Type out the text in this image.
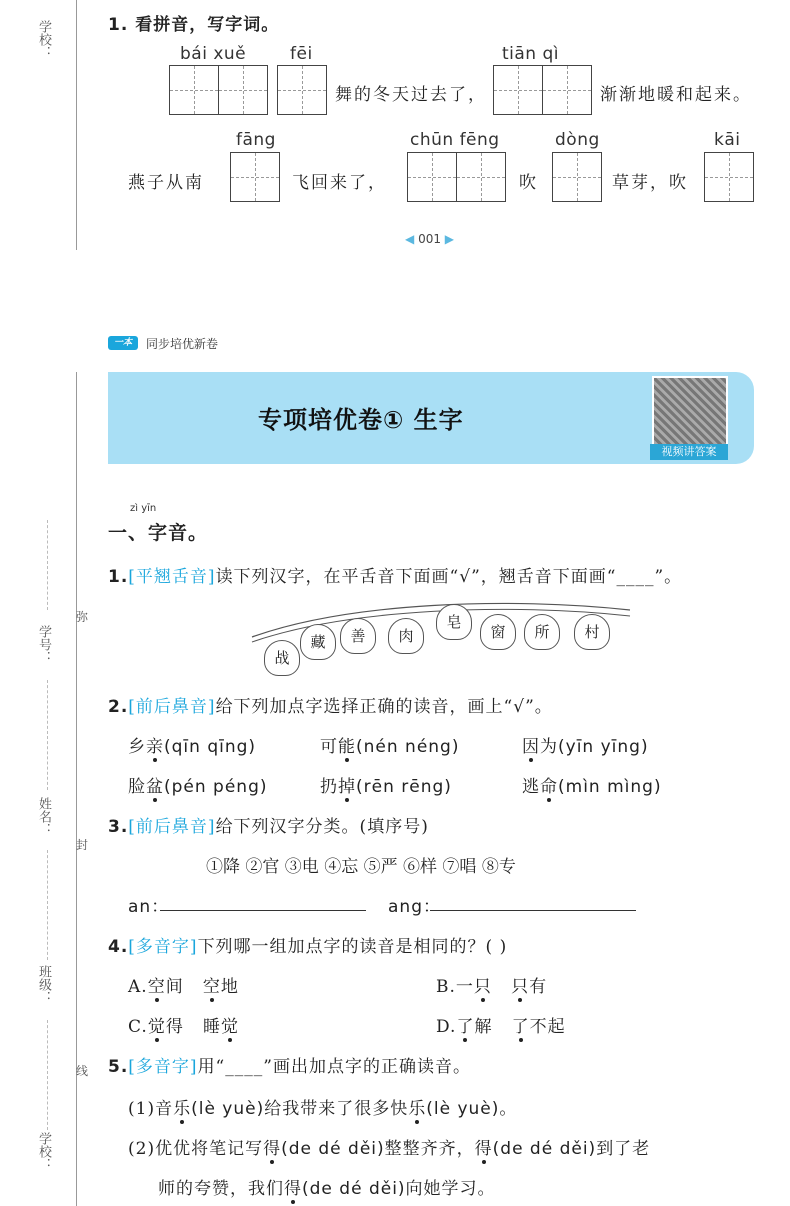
学校：	1. 看拼音，写字词。
bái xuě	fēi	tiān qì
舞的冬天过去了，	渐渐地暖和起来。
fāng	chūn fēng	dòng	kāi
燕子从南	飞回来了，	吹	草芽，吹
◀ 001 ▶
一本	同步培优新卷
学号：
姓名：
班级：
学校：
弥
封
线
专项培优卷① 生字
视频讲答案
zì yīn
一、字音。
1.[平翘舌音]读下列汉字，在平舌音下面画“√”，翘舌音下面画“____”。
战
藏	善	肉
皂
窗	所	村
2.[前后鼻音]给下列加点字选择正确的读音，画上“√”。
乡亲(qīn qīng)	可能(nén néng)	因为(yīn yīng)
脸盆(pén péng)	扔掉(rēn rēng)	逃命(mìn mìng)
3.[前后鼻音]给下列汉字分类。(填序号)
①降 ②官 ③电 ④忘 ⑤严 ⑥样 ⑦唱 ⑧专
an：	ang：
4.[多音字]下列哪一组加点字的读音是相同的？( )
A.空间 空地	B.一只 只有
C.觉得 睡觉	D.了解 了不起
5.[多音字]用“____”画出加点字的正确读音。
(1)音乐(lè yuè)给我带来了很多快乐(lè yuè)。
(2)优优将笔记写得(de dé děi)整整齐齐，得(de dé děi)到了老
师的夸赞，我们得(de dé děi)向她学习。
